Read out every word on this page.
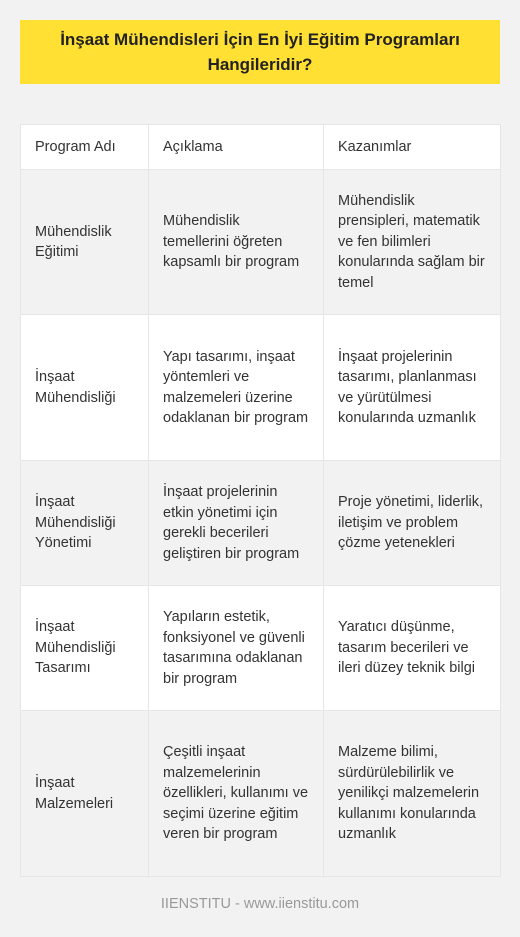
İnşaat Mühendisleri İçin En İyi Eğitim Programları Hangileridir?
Program Adı	Açıklama	Kazanımlar
Mühendislik Eğitimi	Mühendislik temellerini öğreten kapsamlı bir program	Mühendislik prensipleri, matematik ve fen bilimleri konularında sağlam bir temel
İnşaat Mühendisliği	Yapı tasarımı, inşaat yöntemleri ve malzemeleri üzerine odaklanan bir program	İnşaat projelerinin tasarımı, planlanması ve yürütülmesi konularında uzmanlık
İnşaat Mühendisliği Yönetimi	İnşaat projelerinin etkin yönetimi için gerekli becerileri geliştiren bir program	Proje yönetimi, liderlik, iletişim ve problem çözme yetenekleri
İnşaat Mühendisliği Tasarımı	Yapıların estetik, fonksiyonel ve güvenli tasarımına odaklanan bir program	Yaratıcı düşünme, tasarım becerileri ve ileri düzey teknik bilgi
İnşaat Malzemeleri	Çeşitli inşaat malzemelerinin özellikleri, kullanımı ve seçimi üzerine eğitim veren bir program	Malzeme bilimi, sürdürülebilirlik ve yenilikçi malzemelerin kullanımı konularında uzmanlık
IIENSTITU - www.iienstitu.com
